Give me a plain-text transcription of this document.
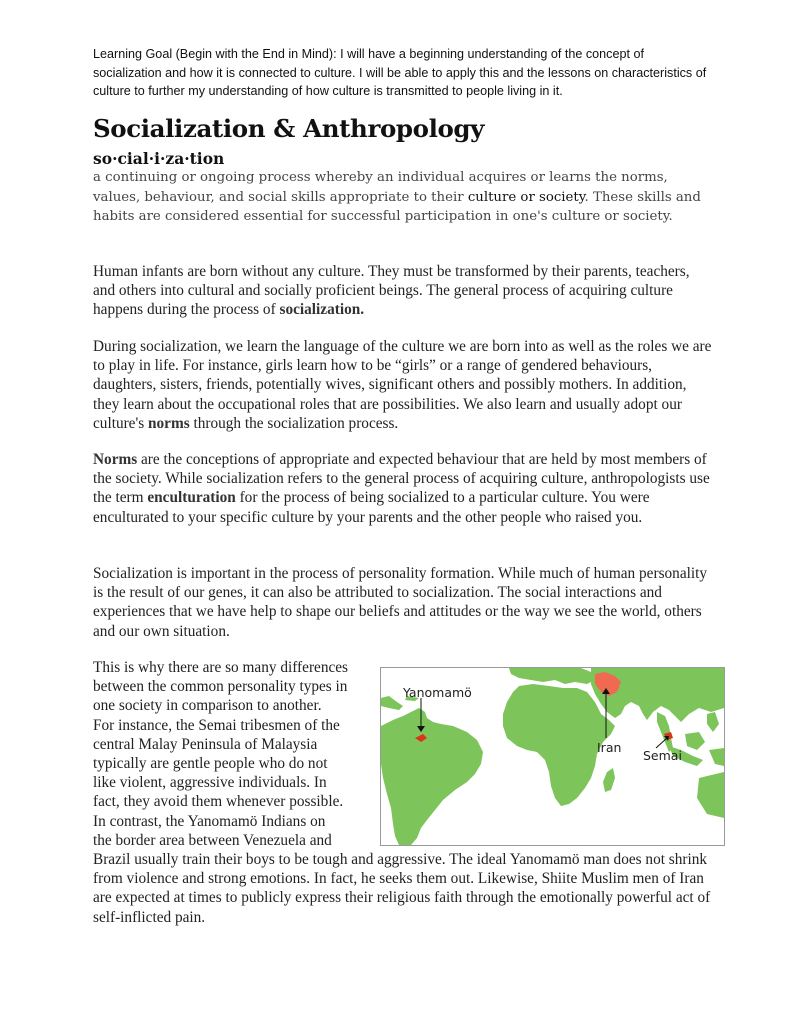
Learning Goal (Begin with the End in Mind): I will have a beginning understanding of the concept of socialization and how it is connected to culture. I will be able to apply this and the lessons on characteristics of culture to further my understanding of how culture is transmitted to people living in it.
Socialization & Anthropology
so·cial·i·za·tion

a continuing or ongoing process whereby an individual acquires or learns the norms, values, behaviour, and social skills appropriate to their culture or society. These skills and habits are considered essential for successful participation in one's culture or society.

Human infants are born without any culture. They must be transformed by their parents, teachers, and others into cultural and socially proficient beings. The general process of acquiring culture happens during the process of socialization.

During socialization, we learn the language of the culture we are born into as well as the roles we are to play in life. For instance, girls learn how to be “girls” or a range of gendered behaviours, daughters, sisters, friends, potentially wives, significant others and possibly mothers. In addition, they learn about the occupational roles that are possibilities. We also learn and usually adopt our culture's norms through the socialization process.

Norms are the conceptions of appropriate and expected behaviour that are held by most members of the society. While socialization refers to the general process of acquiring culture, anthropologists use the term enculturation for the process of being socialized to a particular culture. You were enculturated to your specific culture by your parents and the other people who raised you.

Socialization is important in the process of personality formation. While much of human personality is the result of our genes, it can also be attributed to socialization. The social interactions and experiences that we have help to shape our beliefs and attitudes or the way we see the world, others and our own situation.

This is why there are so many differences
between the common personality types in
one society in comparison to another.
For instance, the Semai tribesmen of the
central Malay Peninsula of Malaysia
typically are gentle people who do not
like violent, aggressive individuals. In
fact, they avoid them whenever possible.
In contrast, the Yanomamö Indians on
the border area between Venezuela and
Brazil usually train their boys to be tough and aggressive. The ideal Yanomamö man does not shrink from violence and strong emotions. In fact, he seeks them out. Likewise, Shiite Muslim men of Iran are expected at times to publicly express their religious faith through the emotionally powerful act of self-inflicted pain.
Yanomamö
Iran
Semai
